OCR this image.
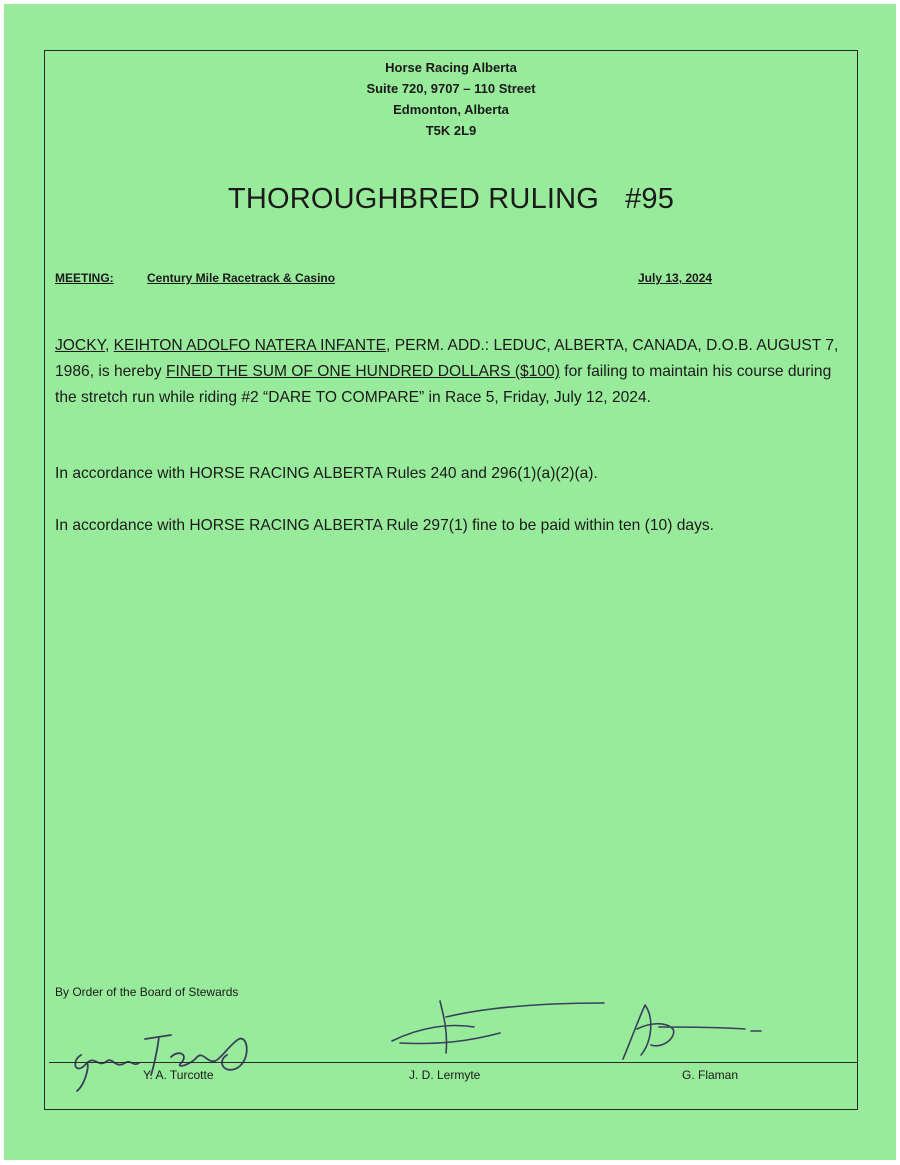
Horse Racing Alberta
Suite 720, 9707 – 110 Street
Edmonton, Alberta
T5K 2L9
THOROUGHBRED RULING #95
MEETING:	Century Mile Racetrack & Casino	July 13, 2024
JOCKY, KEIHTON ADOLFO NATERA INFANTE, PERM. ADD.: LEDUC, ALBERTA, CANADA, D.O.B. AUGUST 7, 1986, is hereby FINED THE SUM OF ONE HUNDRED DOLLARS ($100) for failing to maintain his course during the stretch run while riding #2 “DARE TO COMPARE” in Race 5, Friday, July 12, 2024.
In accordance with HORSE RACING ALBERTA Rules 240 and 296(1)(a)(2)(a).
In accordance with HORSE RACING ALBERTA Rule 297(1) fine to be paid within ten (10) days.
By Order of the Board of Stewards
Y. A. Turcotte	J. D. Lermyte	G. Flaman
